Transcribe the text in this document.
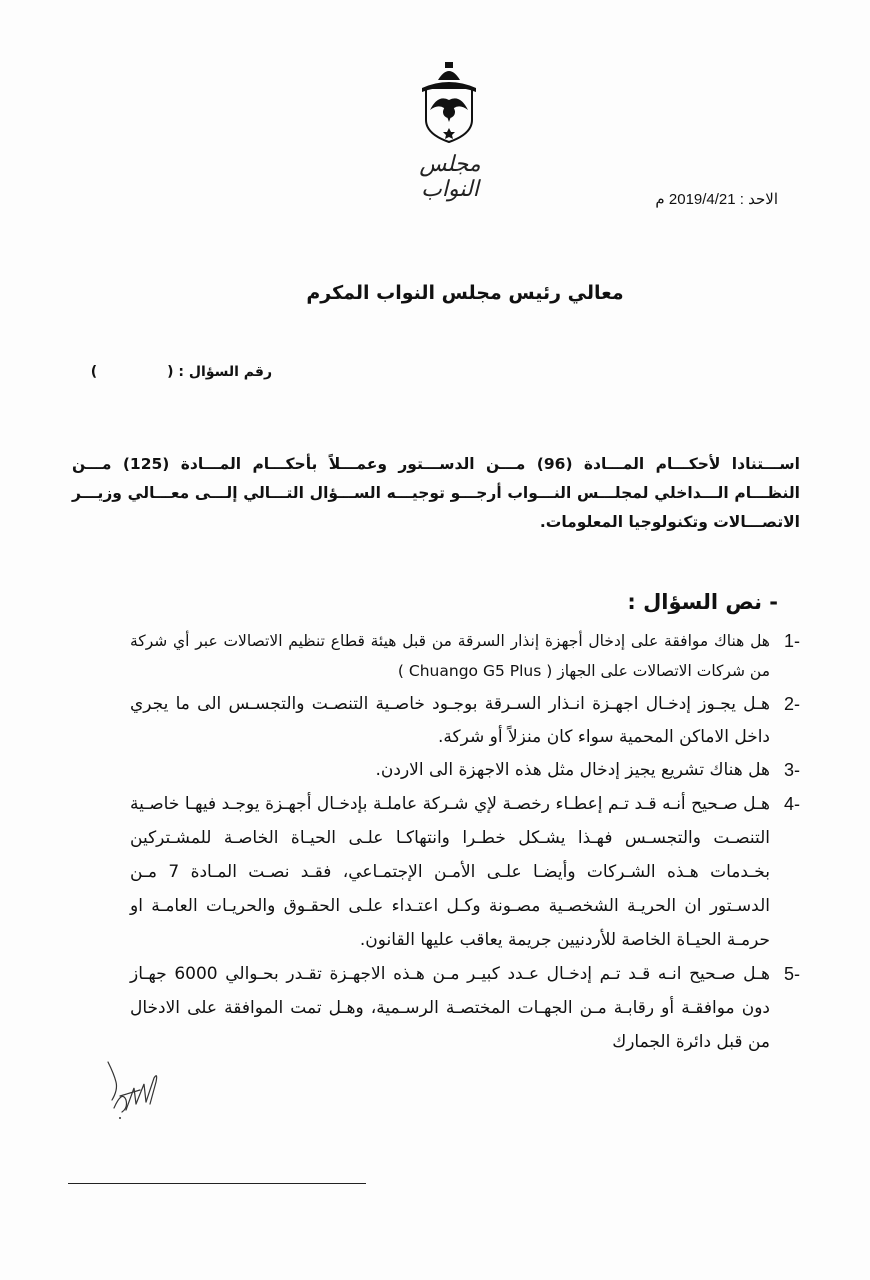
مجلس النواب	الاحد : 2019/4/21 م
معالي رئيس مجلس النواب المكرم
رقم السؤال : ()
اســـتنادا لأحكـــام المـــادة (96) مـــن الدســـتور وعمـــلاً بأحكـــام المـــادة (125) مـــن النظـــام الـــداخلي لمجلـــس النـــواب أرجـــو توجيـــه الســـؤال التـــالي إلـــى معـــالي وزيـــر الاتصـــالات وتكنولوجيا المعلومات.
- نص السؤال :
1-
هل هناك موافقة على إدخال أجهزة إنذار السرقة من قبل هيئة قطاع تنظيم الاتصالات عبر أي شركة من شركات الاتصالات على الجهاز ( Chuango G5 Plus )
2-
هـل يجـوز إدخـال اجهـزة انـذار السـرقة بوجـود خاصـية التنصـت والتجسـس الى ما يجري داخل الاماكن المحمية سواء كان منزلاً أو شركة.
3-
هل هناك تشريع يجيز إدخال مثل هذه الاجهزة الى الاردن.
4-
هـل صـحيح أنـه قـد تـم إعطـاء رخصـة لإي شـركة عاملـة بإدخـال أجهـزة يوجـد فيهـا خاصـية التنصـت والتجسـس فهـذا يشـكل خطـرا وانتهاكـا علـى الحيـاة الخاصـة للمشـتركين بخـدمات هـذه الشـركات وأيضـا علـى الأمـن الإجتمـاعي، فقـد نصـت المـادة 7 مـن الدسـتور ان الحريـة الشخصـية مصـونة وكـل اعتـداء علـى الحقـوق والحريـات العامـة او حرمـة الحيـاة الخاصة للأردنيين جريمة يعاقب عليها القانون.
5-
هـل صـحيح انـه قـد تـم إدخـال عـدد كبيـر مـن هـذه الاجهـزة تقـدر بحـوالي 6000 جهـاز دون موافقـة أو رقابـة مـن الجهـات المختصـة الرسـمية، وهـل تمت الموافقة على الادخال من قبل دائرة الجمارك
